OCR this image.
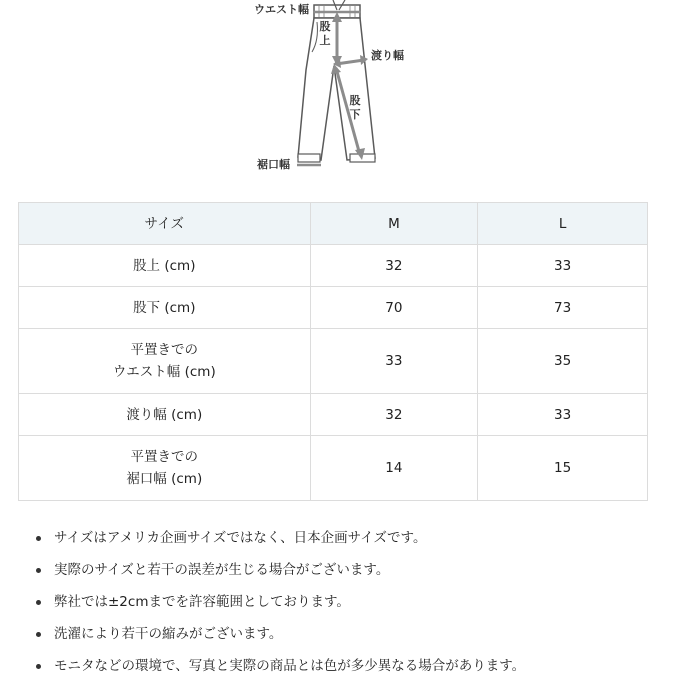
ウエスト幅
股上
渡り幅
股下
裾口幅
サイズ	M	L

股上 (cm)	32	33

股下 (cm)	70	73

平置きでの
ウエスト幅 (cm)	33	35

渡り幅 (cm)	32	33

平置きでの
裾口幅 (cm)	14	15
サイズはアメリカ企画サイズではなく、日本企画サイズです。
実際のサイズと若干の誤差が生じる場合がございます。
弊社では±2cmまでを許容範囲としております。
洗濯により若干の縮みがございます。
モニタなどの環境で、写真と実際の商品とは色が多少異なる場合があります。
